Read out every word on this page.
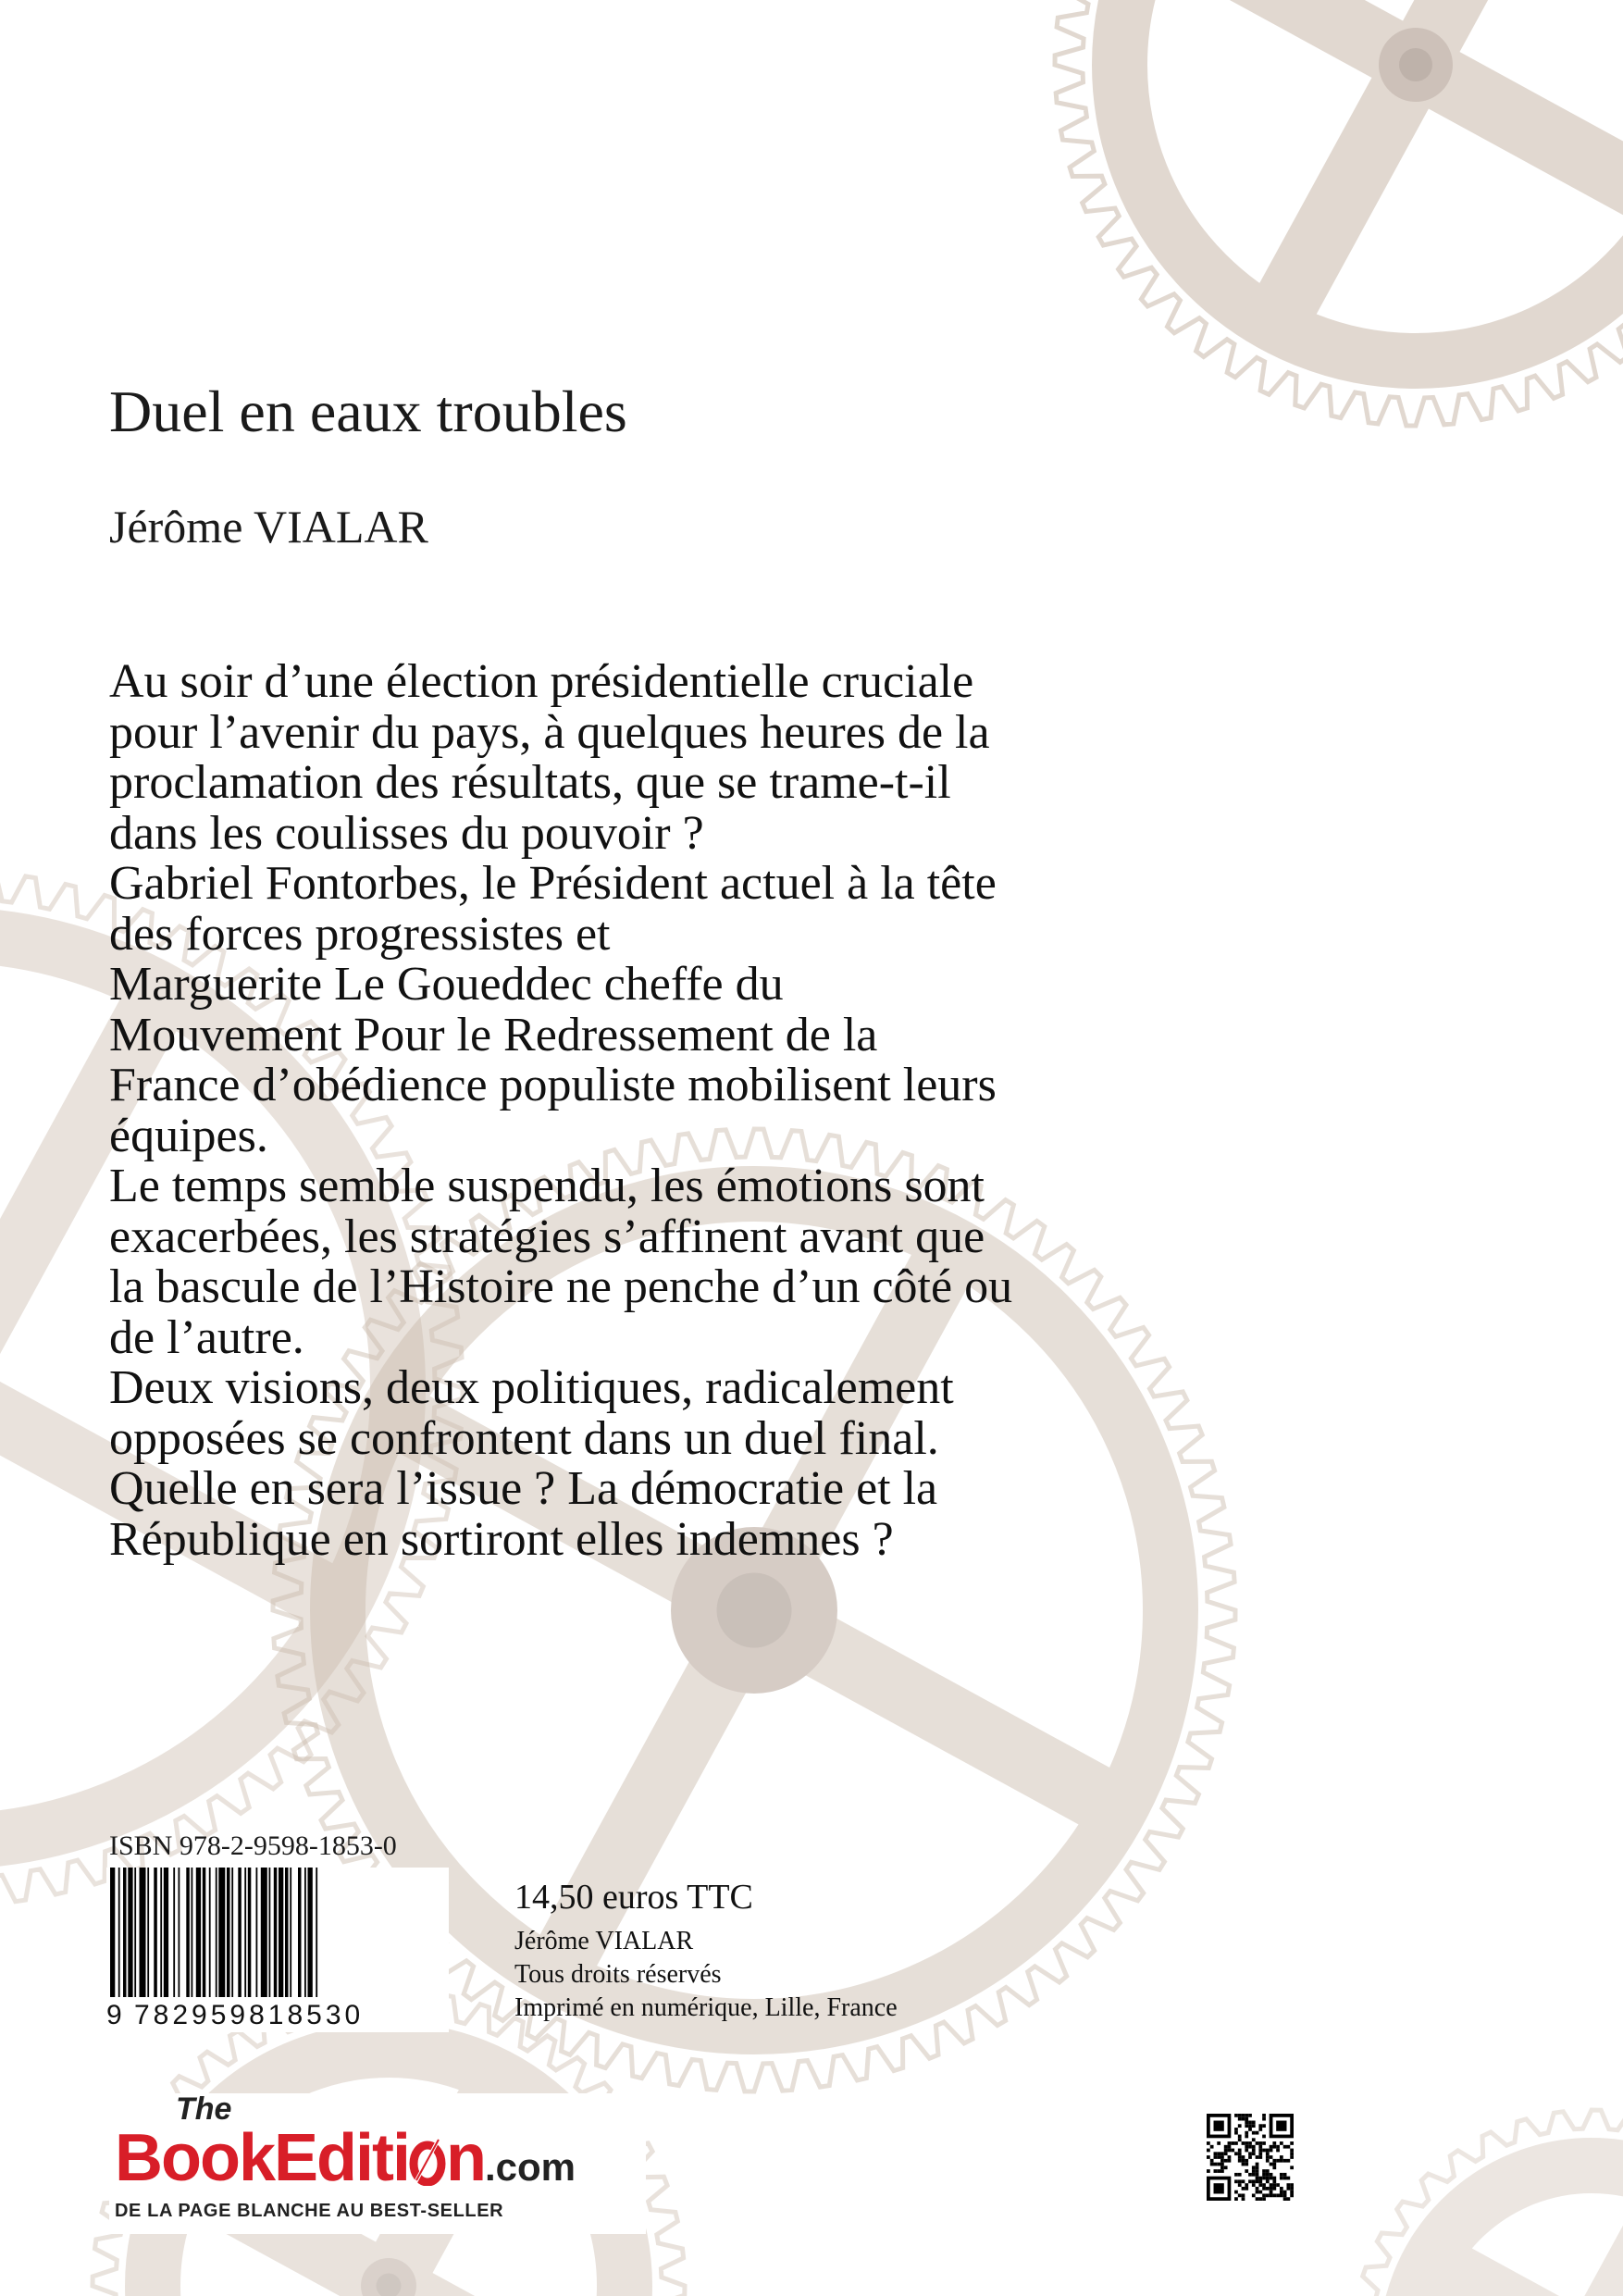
Duel en eaux troubles
Jérôme VIALAR
Au soir d’une élection présidentielle cruciale
pour l’avenir du pays, à quelques heures de la
proclamation des résultats, que se trame-t-il
dans les coulisses du pouvoir ?
Gabriel Fontorbes, le Président actuel à la tête
des forces progressistes et
Marguerite Le Goueddec cheffe du
Mouvement Pour le Redressement de la
France d’obédience populiste mobilisent leurs
équipes.
Le temps semble suspendu, les émotions sont
exacerbées, les stratégies s’affinent avant que
la bascule de l’Histoire ne penche d’un côté ou
de l’autre.
Deux visions, deux politiques, radicalement
opposées se confrontent dans un duel final.
Quelle en sera l’issue ? La démocratie et la
République en sortiront elles indemnes ?
ISBN 978-2-9598-1853-0
9 782959818530
14,50 euros TTC
Jérôme VIALAR
Tous droits réservés
Imprimé en numérique, Lille, France
The
BookEditi n.com
DE LA PAGE BLANCHE AU BEST-SELLER
